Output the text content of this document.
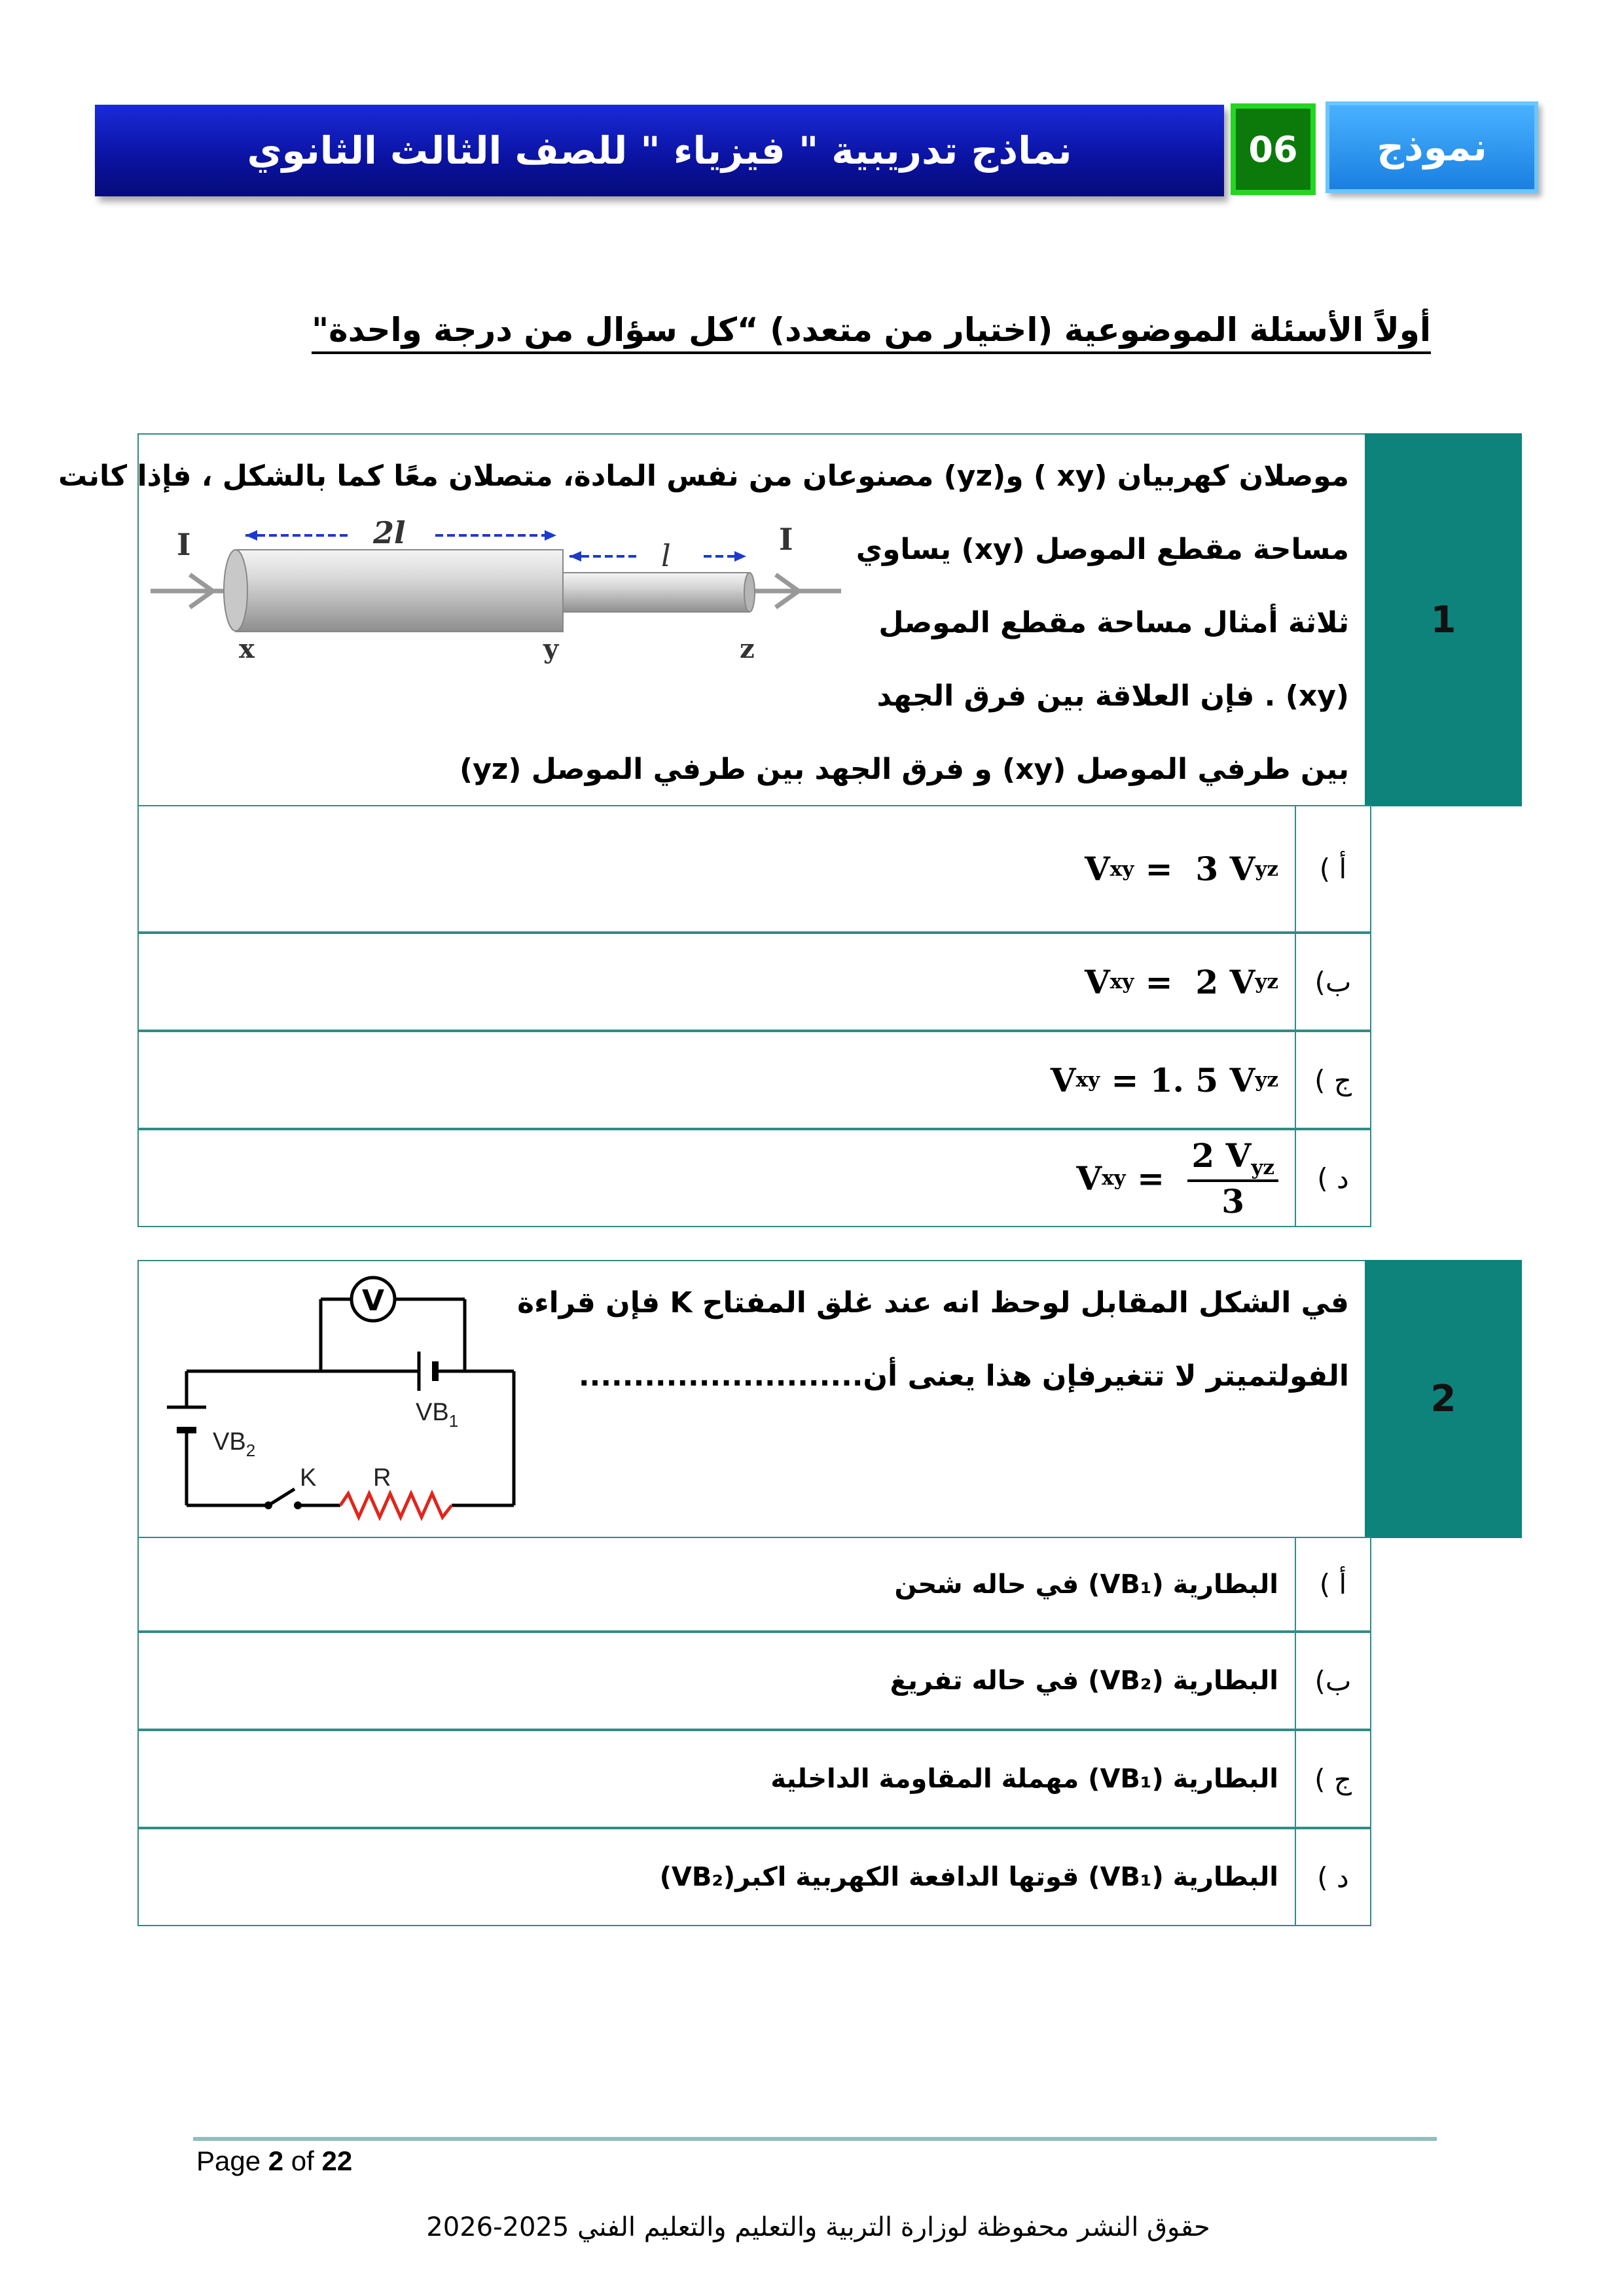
نماذج تدريبية " فيزياء " للصف الثالث الثانوي	06 نموذج
أولاً الأسئلة الموضوعية (اختيار من متعدد) “كل سؤال من درجة واحدة"
1
موصلان كهربيان (xy ) و(yz) مصنوعان من نفس المادة، متصلان معًا كما بالشكل ، فإذا كانت
مساحة مقطع الموصل (xy) يساوي
ثلاثة أمثال مساحة مقطع الموصل
(xy) . فإن العلاقة بين فرق الجهد
بين طرفي الموصل (xy) و فرق الجهد بين طرفي الموصل (yz)
I	I
2l
l
x	y	z
أ )
V xy = 3 V yz
ب)
V xy = 2 V yz
ج )
V xy = 1. 5 V yz
د )
V xy = $\frac{2 V_{yz}}{3}$
2
في الشكل المقابل لوحظ انه عند غلق المفتاح K فإن قراءة
الفولتميتر لا تتغيرفإن هذا يعنى أن..........................
V
$VB_1$
$VB_2$
K R
أ )
البطارية (VB₁) في حاله شحن
ب)
البطارية (VB₂) في حاله تفريغ
ج )
البطارية (VB₁) مهملة المقاومة الداخلية
د )
البطارية (VB₁) قوتها الدافعة الكهربية اكبر(VB₂)
Page 2 of 22
حقوق النشر محفوظة لوزارة التربية والتعليم والتعليم الفني 2025-2026
